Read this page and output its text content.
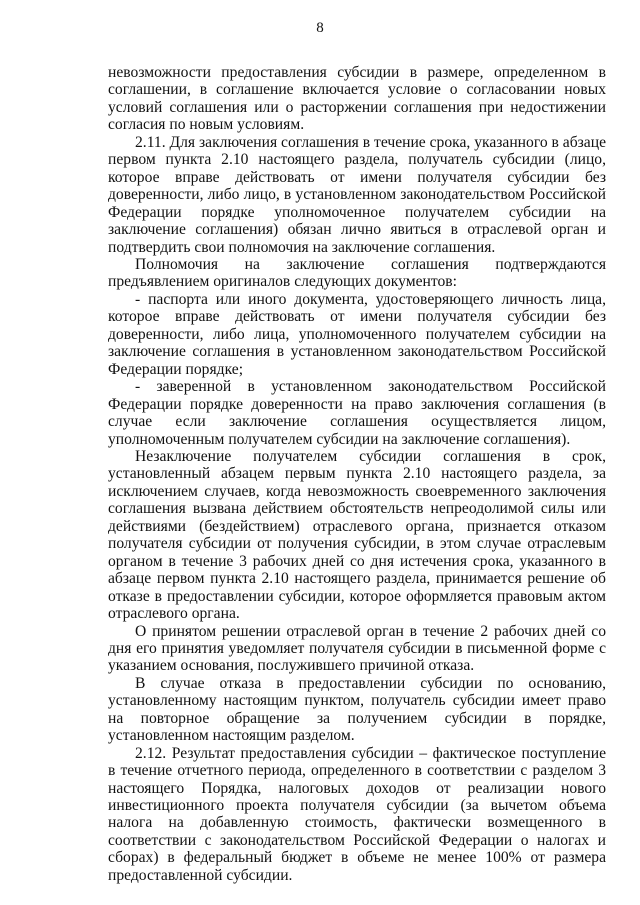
8

невозможности предоставления субсидии в размере, определенном в соглашении, в соглашение включается условие о согласовании новых условий соглашения или о расторжении соглашения при недостижении согласия по новым условиям.

2.11. Для заключения соглашения в течение срока, указанного в абзаце первом пункта 2.10 настоящего раздела, получатель субсидии (лицо, которое вправе действовать от имени получателя субсидии без доверенности, либо лицо, в установленном законодательством Российской Федерации порядке уполномоченное получателем субсидии на заключение соглашения) обязан лично явиться в отраслевой орган и подтвердить свои полномочия на заключение соглашения.

Полномочия на заключение соглашения подтверждаются предъявлением оригиналов следующих документов:

- паспорта или иного документа, удостоверяющего личность лица, которое вправе действовать от имени получателя субсидии без доверенности, либо лица, уполномоченного получателем субсидии на заключение соглашения в установленном законодательством Российской Федерации порядке;

- заверенной в установленном законодательством Российской Федерации порядке доверенности на право заключения соглашения (в случае если заключение соглашения осуществляется лицом, уполномоченным получателем субсидии на заключение соглашения).

Незаключение получателем субсидии соглашения в срок, установленный абзацем первым пункта 2.10 настоящего раздела, за исключением случаев, когда невозможность своевременного заключения соглашения вызвана действием обстоятельств непреодолимой силы или действиями (бездействием) отраслевого органа, признается отказом получателя субсидии от получения субсидии, в этом случае отраслевым органом в течение 3 рабочих дней со дня истечения срока, указанного в абзаце первом пункта 2.10 настоящего раздела, принимается решение об отказе в предоставлении субсидии, которое оформляется правовым актом отраслевого органа.

О принятом решении отраслевой орган в течение 2 рабочих дней со дня его принятия уведомляет получателя субсидии в письменной форме с указанием основания, послужившего причиной отказа.

В случае отказа в предоставлении субсидии по основанию, установленному настоящим пунктом, получатель субсидии имеет право на повторное обращение за получением субсидии в порядке, установленном настоящим разделом.

2.12. Результат предоставления субсидии – фактическое поступление в течение отчетного периода, определенного в соответствии с разделом 3 настоящего Порядка, налоговых доходов от реализации нового инвестиционного проекта получателя субсидии (за вычетом объема налога на добавленную стоимость, фактически возмещенного в соответствии с законодательством Российской Федерации о налогах и сборах) в федеральный бюджет в объеме не менее 100% от размера предоставленной субсидии.
